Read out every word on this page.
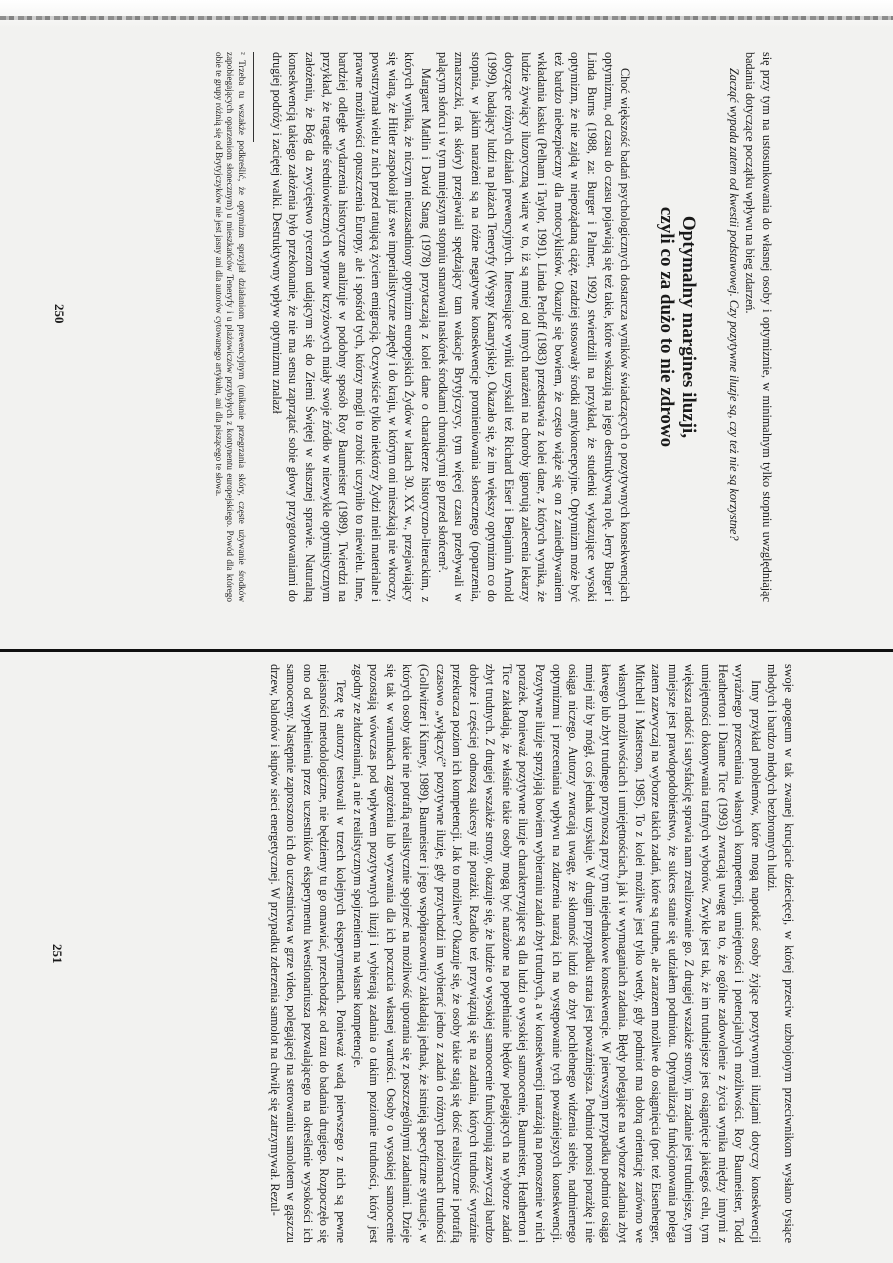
się przy tym na ustosunkowania do własnej osoby i optymizmie, w minimalnym tylko stopniu uwzględniając badania dotyczące początku wpływu na bieg zdarzeń.

Zacząć wypada zatem od kwestii podstawowej. Czy pozytywne iluzje są, czy też nie są korzystne?

Optymalny margines iluzji,
czyli co za dużo to nie zdrowo

Choć większość badań psychologicznych dostarcza wyników świadczących o pozytywnych konsekwencjach optymizmu, od czasu do czasu pojawiają się też takie, które wskazują na jego destruktywną rolę. Jerry Burger i Linda Burns (1988, za: Burger i Palmer, 1992) stwierdzili na przykład, że studenki wykazujące wysoki optymizm, że nie zajdą w niepożądaną ciążę, rzadziej stosowały środki antykoncepcyjne. Optymizm może być też bardzo niebezpieczny dla motocyklistów. Okazuje się bowiem, że często wiąże się on z zaniedbywaniem wkładania kasku (Pelham i Taylor, 1991). Linda Perloff (1983) przedstawia z kolei dane, z których wynika, że ludzie żywiący iluzoryczną wiarę w to, iż są mniej od innych narażeni na choroby ignorują zalecenia lekarzy dotyczące różnych działań prewencyjnych. Interesujące wyniki uzyskali też Richard Eiser i Benjamin Arnold (1999), badający ludzi na plażach Teneryfy (Wyspy Kanaryjskie). Okazało się, że im większy optymizm co do stopnia, w jakim narażeni są na różne negatywne konsekwencje promieniowania słonecznego (poparzenia, zmarszczki, rak skóry) przejawiali spędzający tam wakacje Brytyjczycy, tym więcej czasu przebywali w palącym słońcu i w tym mniejszym stopniu smarowali naskórek środkami chroniącymi go przed słońcem².

Margaret Matlin i David Stang (1978) przytaczają z kolei dane o charakterze historyczno-literackim, z których wynika, że niczym nieuzasadniony optymizm europejskich Żydów w latach 30. XX w., przejawiający się wiarą, że Hitler zaspokoił już swe imperialistyczne zapędy i do kraju, w którym oni mieszkają nie wkroczy, powstrzymał wielu z nich przed ratującą życiem emigracją. Oczywiście tylko niektórzy Żydzi mieli materialne i prawne możliwości opuszczenia Europy, ale i spośród tych, którzy mogli to zrobić uczyniło to niewielu. Inne, bardziej odległe wydarzenia historyczne analizuje w podobny sposób Roy Baumeister (1989). Twierdzi na przykład, że tragedie średniowiecznych wypraw krzyżowych miały swoje źródło w niezwykle optymistycznym założeniu, że Bóg da zwycięstwo rycerzom udającym się do Ziemi Świętej w słusznej sprawie. Naturalną konsekwencją takiego założenia było przekonanie, że nie ma sensu zaprzątać sobie głowy przygotowaniami do drugiej podróży i zaciętej walki. Destruktywny wpływ optymizmu znalazł

² Trzeba tu wszakże podkreślić, że optymizm sprzyjał działaniom prewencyjnym (unikanie przegrzania skóry, częste używanie środków zapobiegających oparzeniom słonecznym) u mieszkańców Teneryfy i u plażowiczów przybyłych z kontynentu europejskiego. Powód dla którego obie te grupy różnią się od Brytyjczyków nie jest jasny ani dla autorów cytowanego artykułu, ani dla piszącego te słowa.
250

swoje apogeum w tak zwanej krucjacie dziecięcej, w której przeciw uzbrojonym przeciwnikom wysłano tysiące młodych i bardzo młodych bezbronnych ludzi.

Inny przykład problemów, które mogą napotkać osoby żyjące pozytywnymi iluzjami dotyczy konsekwencji wyrażnego przeceniania własnych kompetencji, umiejętności i potencjalnych możliwości. Roy Baumeister, Todd Heatherton i Dianne Tice (1993) zwracają uwagę na to, że ogólne zadowolenie z życia wynika między innymi z umiejętności dokonywania trafnych wyborów. Zwykle jest tak, że im trudniejsze jest osiągnięcie jakiegoś celu, tym większa radość i satysfakcję sprawia nam zrealizowanie go. Z drugiej wszakże strony, im zadanie jest trudniejsze, tym mniejsze jest prawdopodobieństwo, że sukces stanie się udziałem podmiotu. Optymalizacja funkcjonowania polega zatem zazwyczaj na wyborze takich zadań, które są trudne, ale zarazem możliwe do osiągnięcia (por. też Eisenberger, Mitchell i Masterson, 1985). To z kolei możliwe jest tylko wtedy, gdy podmiot ma dobrą orientację zarówno we własnych możliwościach i umiejętnościach, jak i w wymaganiach zadania. Błędy polegające na wyborze zadania zbyt łatwego lub zbyt trudnego przynoszą przy tym niejednakowe konsekwencje. W pierwszym przypadku podmiot osiąga mniej niż by mógł, coś jednak uzyskuje. W drugim przypadku strata jest poważniejsza. Podmiot ponosi porażkę i nie osiąga niczego. Autorzy zwracają uwagę, że skłonność ludzi do zbyt pochlebnego widzenia siebie, nadmiernego optymizmu i przeceniania wpływu na zdarzenia narażą ich na występowanie tych poważniejszych konsekwencji. Pozytywne iluzje sprzyjają bowiem wybieraniu zadań zbyt trudnych, a w konsekwencji narażają na ponoszenie w nich porażek. Ponieważ pozytywne iluzje charakteryzujące są dla ludzi o wysokiej samoocenie, Baumeister, Heatherton i Tice zakładają, że właśnie takie osoby mogą być narażone na popełnianie błędów polegających na wyborze zadań zbyt trudnych. Z drugiej wszakże strony, okazuje się, że ludzie o wysokiej samoocenie funkcjonują zazwyczaj bardzo dobrze i częściej odnoszą sukcesy niż porażki. Rzadko też przywiązują się na zadania, których trudność wyraźnie przekracza poziom ich kompetencji. Jak to możliwe? Okazuje się, że osoby takie stają się dość realistyczne i potrafią czasowo „wyłączyć” pozytywne iluzje, gdy przychodzi im wybierać jedno z zadań o różnych poziomach trudności (Gollwitzer i Kinney, 1989). Baumeister i jego współpracownicy zakładają jednak, że istnieją specyficzne sytuacje, w których osoby takie nie potrafią realistycznie spojrzeć na możliwość uporania się z poszczególnymi zadaniami. Dzieje się tak w warunkach zagrożenia lub wyzwania dla ich poczucia własnej wartości. Osoby o wysokiej samoocenie pozostają wówczas pod wpływem pozytywnych iluzji i wybierają zadania o takim poziomie trudności, który jest zgodny ze złudzeniami, a nie z realistycznym spojrzeniem na własne kompetencje.

Tezę tę autorzy testowali w trzech kolejnych eksperymentach. Ponieważ wadą pierwszego z nich są pewne niejasności metodologiczne, nie będziemy tu go omawiać, przechodząc od razu do badania drugiego. Rozpoczęło się ono od wypełnienia przez uczestników eksperymentu kwestionariusza pozwalającego na określenie wysokości ich samooceny. Następnie zaproszono ich do uczestnictwa w grze video, polegającej na sterowaniu samolotem w gąszczu drzew, balonów i słupów sieci energetycznej. W przypadku zderzenia samolot na chwilę się zatrzymywał. Rezul-

251
